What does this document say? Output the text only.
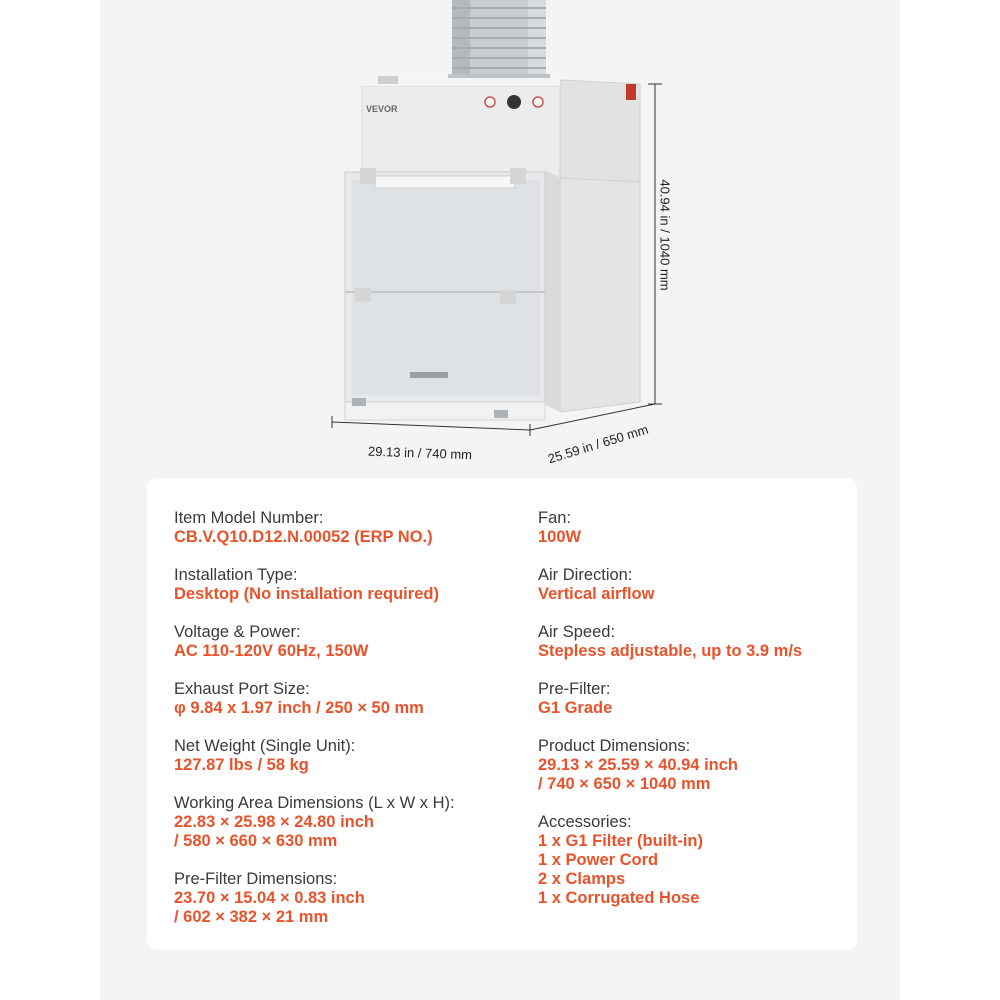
VEVOR
40.94 in / 1040 mm
29.13 in / 740 mm	25.59 in / 650 mm
Item Model Number:
CB.V.Q10.D12.N.00052 (ERP NO.)
Installation Type:
Desktop (No installation required)
Voltage & Power:
AC 110-120V 60Hz, 150W
Exhaust Port Size:
φ 9.84 x 1.97 inch / 250 × 50 mm
Net Weight (Single Unit):
127.87 lbs / 58 kg
Working Area Dimensions (L x W x H):
22.83 × 25.98 × 24.80 inch
/ 580 × 660 × 630 mm
Pre-Filter Dimensions:
23.70 × 15.04 × 0.83 inch
/ 602 × 382 × 21 mm
Fan:
100W
Air Direction:
Vertical airflow
Air Speed:
Stepless adjustable, up to 3.9 m/s
Pre-Filter:
G1 Grade
Product Dimensions:
29.13 × 25.59 × 40.94 inch
/ 740 × 650 × 1040 mm
Accessories:
1 x G1 Filter (built-in)
1 x Power Cord
2 x Clamps
1 x Corrugated Hose
